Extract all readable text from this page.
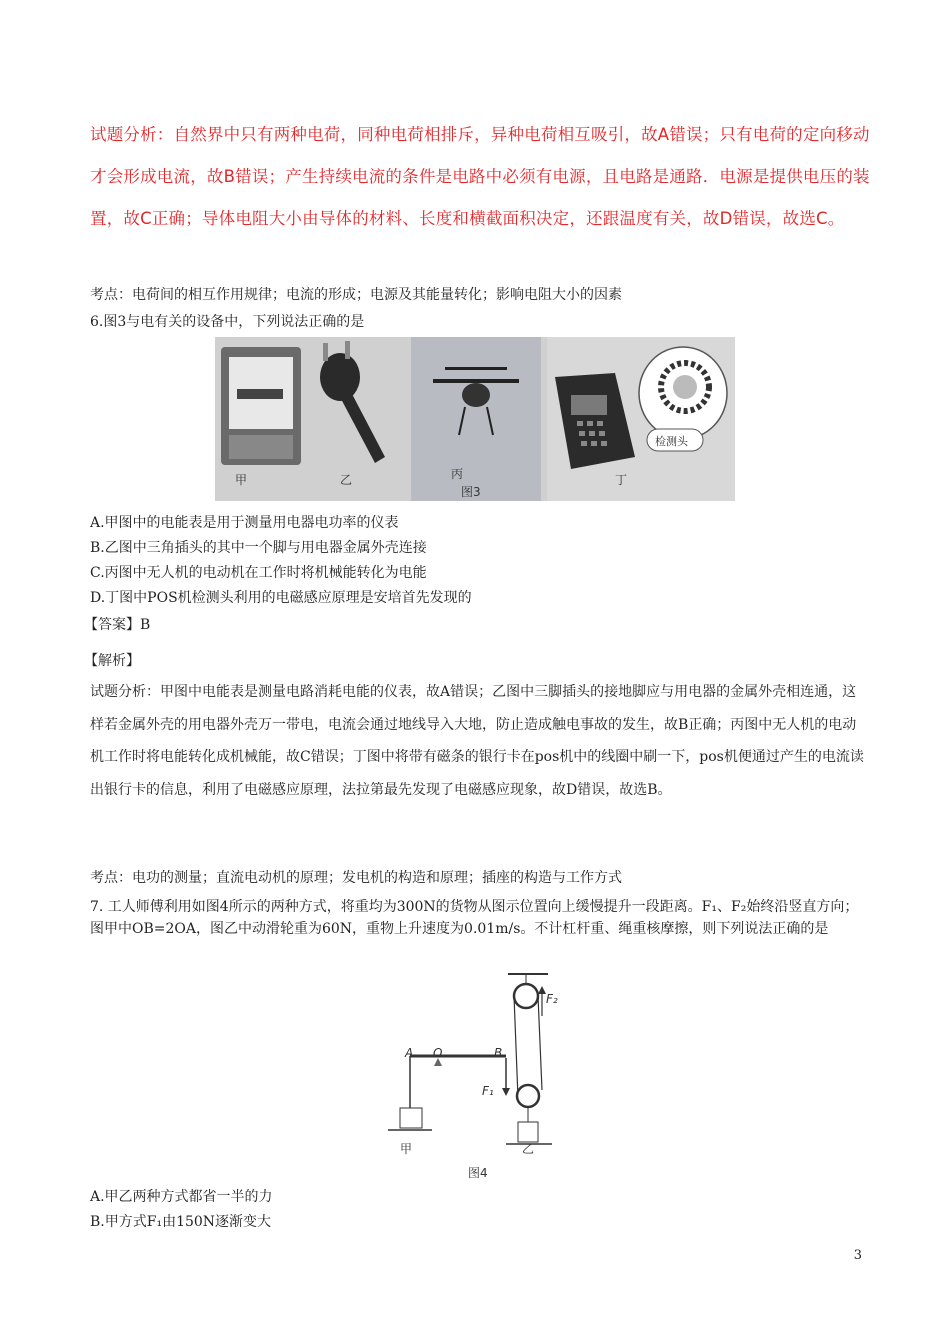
试题分析：自然界中只有两种电荷，同种电荷相排斥，异种电荷相互吸引，故A错误；只有电荷的定向移动才会形成电流，故B错误；产生持续电流的条件是电路中必须有电源，且电路是通路．电源是提供电压的装置，故C正确；导体电阻大小由导体的材料、长度和横截面积决定，还跟温度有关，故D错误，故选C。
考点：电荷间的相互作用规律；电流的形成；电源及其能量转化；影响电阻大小的因素
6.图3与电有关的设备中，下列说法正确的是
甲	乙	丙	丁
图3
检测头
A.甲图中的电能表是用于测量用电器电功率的仪表
B.乙图中三角插头的其中一个脚与用电器金属外壳连接
C.丙图中无人机的电动机在工作时将机械能转化为电能
D.丁图中POS机检测头利用的电磁感应原理是安培首先发现的
【答案】B
【解析】
试题分析：甲图中电能表是测量电路消耗电能的仪表，故A错误；乙图中三脚插头的接地脚应与用电器的金属外壳相连通，这样若金属外壳的用电器外壳万一带电，电流会通过地线导入大地，防止造成触电事故的发生，故B正确；丙图中无人机的电动机工作时将电能转化成机械能，故C错误；丁图中将带有磁条的银行卡在pos机中的线圈中刷一下，pos机便通过产生的电流读出银行卡的信息，利用了电磁感应原理，法拉第最先发现了电磁感应现象，故D错误，故选B。
考点：电功的测量；直流电动机的原理；发电机的构造和原理；插座的构造与工作方式
7. 工人师傅利用如图4所示的两种方式，将重均为300N的货物从图示位置向上缓慢提升一段距离。F₁、F₂始终沿竖直方向；图甲中OB=2OA，图乙中动滑轮重为60N，重物上升速度为0.01m/s。不计杠杆重、绳重核摩擦，则下列说法正确的是
A O	B
F₁
F₂
甲	乙
图4
A.甲乙两种方式都省一半的力
B.甲方式F₁由150N逐渐变大
3
